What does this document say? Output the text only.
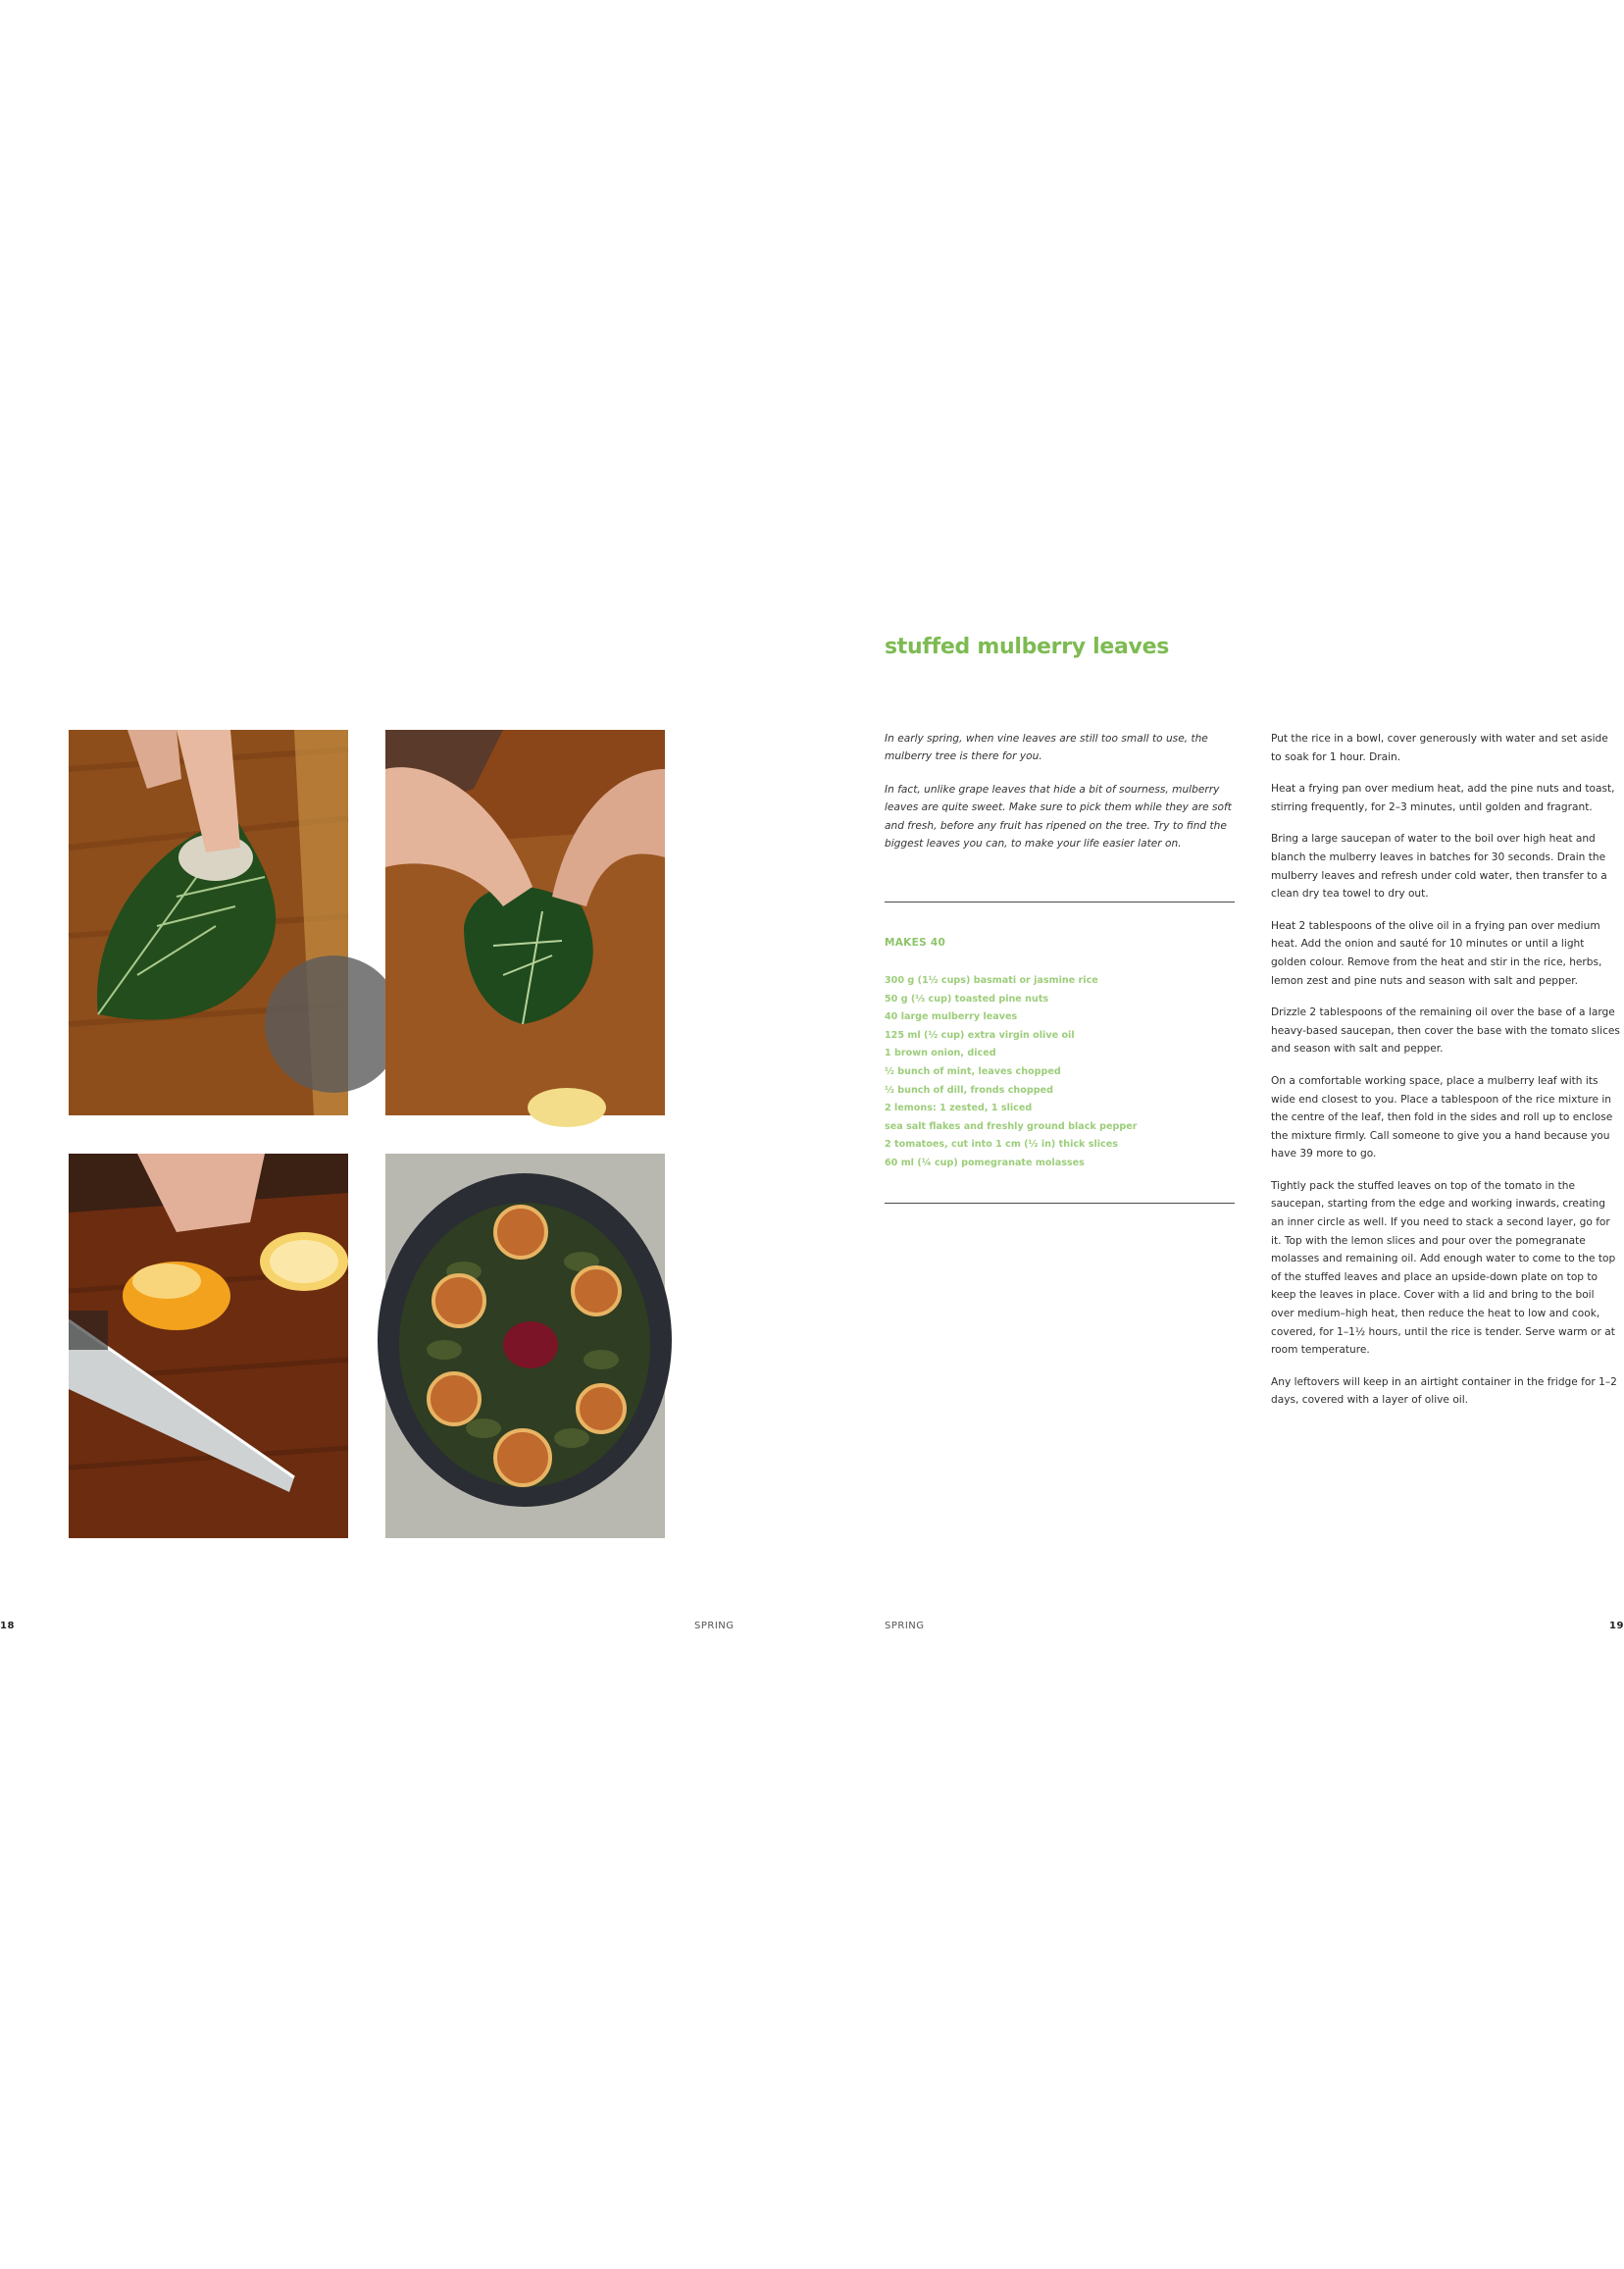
stuffed mulberry leaves

In early spring, when vine leaves are still too small to use, the mulberry tree is there for you.

In fact, unlike grape leaves that hide a bit of sourness, mulberry leaves are quite sweet. Make sure to pick them while they are soft and fresh, before any fruit has ripened on the tree. Try to find the biggest leaves you can, to make your life easier later on.

MAKES 40
300 g (1½ cups) basmati or jasmine rice
50 g (⅓ cup) toasted pine nuts
40 large mulberry leaves
125 ml (½ cup) extra virgin olive oil
1 brown onion, diced
½ bunch of mint, leaves chopped
½ bunch of dill, fronds chopped
2 lemons: 1 zested, 1 sliced
sea salt flakes and freshly ground black pepper
2 tomatoes, cut into 1 cm (½ in) thick slices
60 ml (¼ cup) pomegranate molasses

Put the rice in a bowl, cover generously with water and set aside to soak for 1 hour. Drain.

Heat a frying pan over medium heat, add the pine nuts and toast, stirring frequently, for 2–3 minutes, until golden and fragrant.

Bring a large saucepan of water to the boil over high heat and blanch the mulberry leaves in batches for 30 seconds. Drain the mulberry leaves and refresh under cold water, then transfer to a clean dry tea towel to dry out.

Heat 2 tablespoons of the olive oil in a frying pan over medium heat. Add the onion and sauté for 10 minutes or until a light golden colour. Remove from the heat and stir in the rice, herbs, lemon zest and pine nuts and season with salt and pepper.

Drizzle 2 tablespoons of the remaining oil over the base of a large heavy-based saucepan, then cover the base with the tomato slices and season with salt and pepper.

On a comfortable working space, place a mulberry leaf with its wide end closest to you. Place a tablespoon of the rice mixture in the centre of the leaf, then fold in the sides and roll up to enclose the mixture firmly. Call someone to give you a hand because you have 39 more to go.

Tightly pack the stuffed leaves on top of the tomato in the saucepan, starting from the edge and working inwards, creating an inner circle as well. If you need to stack a second layer, go for it. Top with the lemon slices and pour over the pomegranate molasses and remaining oil. Add enough water to come to the top of the stuffed leaves and place an upside-down plate on top to keep the leaves in place. Cover with a lid and bring to the boil over medium–high heat, then reduce the heat to low and cook, covered, for 1–1½ hours, until the rice is tender. Serve warm or at room temperature.

Any leftovers will keep in an airtight container in the fridge for 1–2 days, covered with a layer of olive oil.

18	SPRING	SPRING	19
